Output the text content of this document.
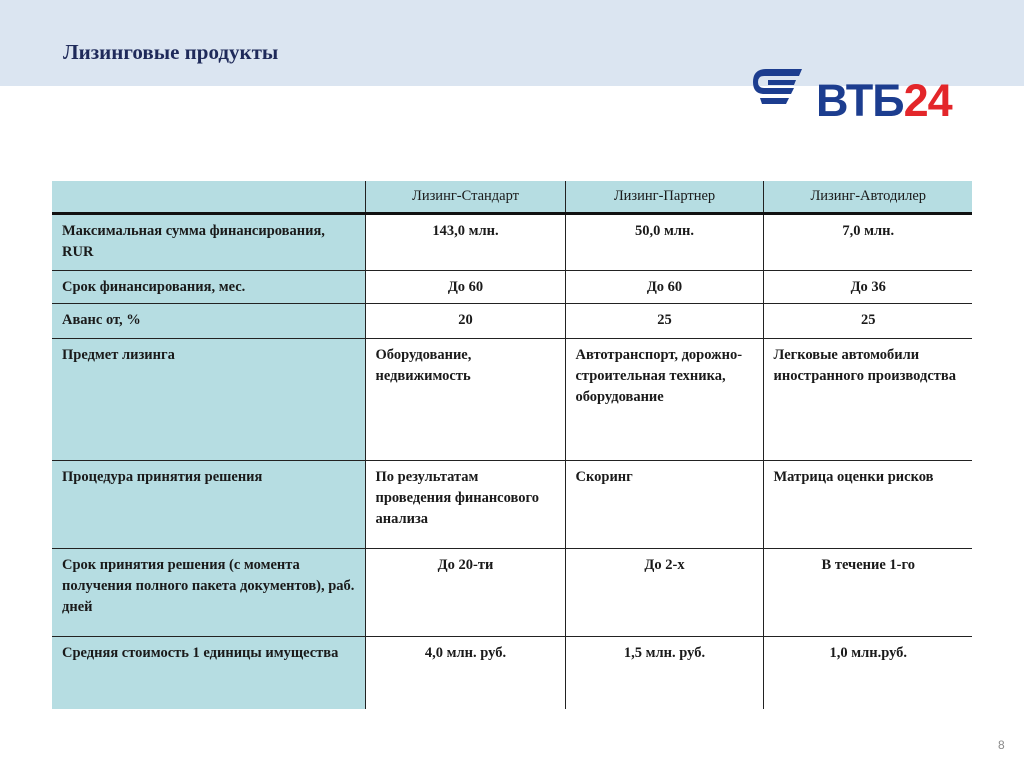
Лизинговые продукты
ВТБ24
	Лизинг-Стандарт	Лизинг-Партнер	Лизинг-Автодилер
Максимальная сумма финансирования, RUR	143,0 млн.	50,0 млн.	7,0 млн.
Срок финансирования, мес.	До 60	До 60	До 36
Аванс от, %	20	25	25
Предмет лизинга	Оборудование, недвижимость	Автотранспорт, дорожно-строительная техника, оборудование	Легковые автомобили иностранного производства
Процедура принятия решения	По результатам проведения финансового анализа	Скоринг	Матрица оценки рисков
Срок принятия решения (с момента получения полного пакета документов), раб. дней	До 20-ти	До 2-х	В течение 1-го
Средняя стоимость 1 единицы имущества	4,0 млн. руб.	1,5 млн. руб.	1,0 млн.руб.
8
